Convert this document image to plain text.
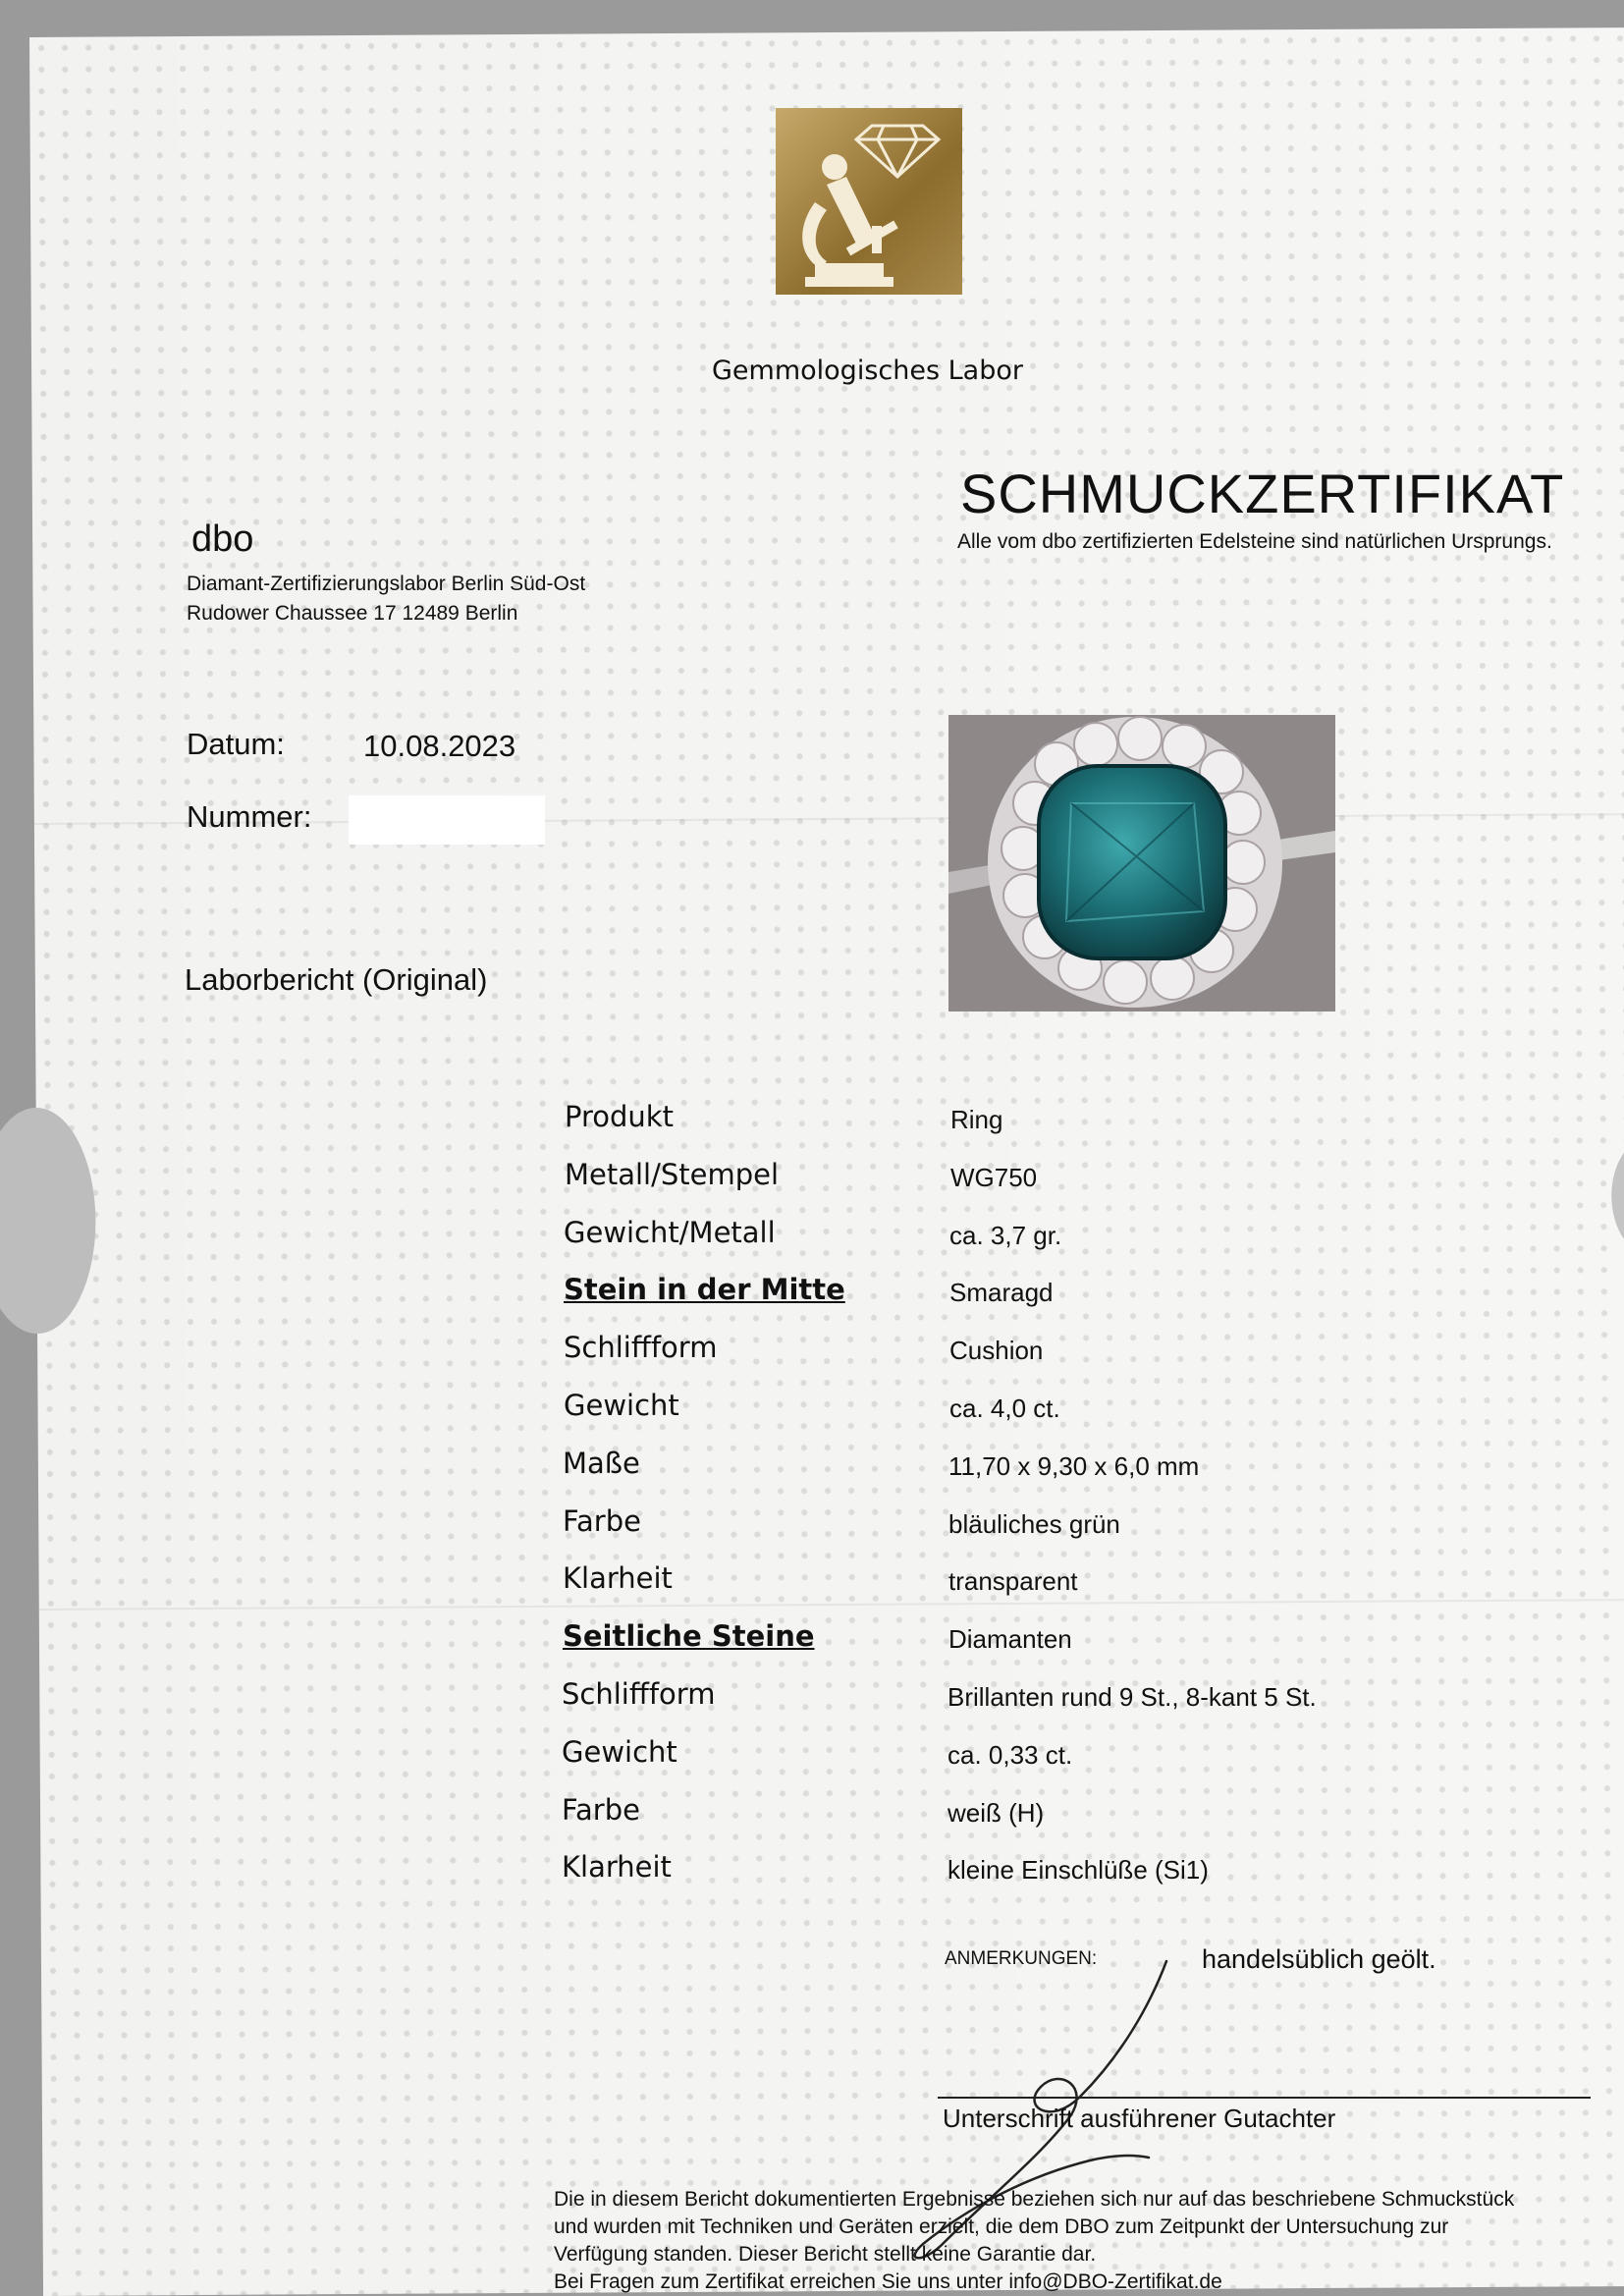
Gemmologisches Labor
SCHMUCKZERTIFIKAT
Alle vom dbo zertifizierten Edelsteine sind natürlichen Ursprungs.
dbo
Diamant-Zertifizierungslabor Berlin Süd-Ost
Rudower Chaussee 17 12489 Berlin
Datum:	10.08.2023
Nummer:
Laborbericht (Original)
Produkt	Ring
Metall/Stempel	WG750
Gewicht/Metall	ca. 3,7 gr.
Stein in der Mitte	Smaragd
Schliffform	Cushion
Gewicht	ca. 4,0 ct.
Maße	11,70 x 9,30 x 6,0 mm
Farbe	bläuliches grün
Klarheit	transparent
Seitliche Steine	Diamanten
Schliffform	Brillanten rund 9 St., 8-kant 5 St.
Gewicht	ca. 0,33 ct.
Farbe	weiß (H)
Klarheit	kleine Einschlüße (Si1)
ANMERKUNGEN:	handelsüblich geölt.
Unterschrift ausführener Gutachter
Die in diesem Bericht dokumentierten Ergebnisse beziehen sich nur auf das beschriebene Schmuckstück
und wurden mit Techniken und Geräten erzielt, die dem DBO zum Zeitpunkt der Untersuchung zur
Verfügung standen. Dieser Bericht stellt keine Garantie dar.
Bei Fragen zum Zertifikat erreichen Sie uns unter info@DBO-Zertifikat.de
